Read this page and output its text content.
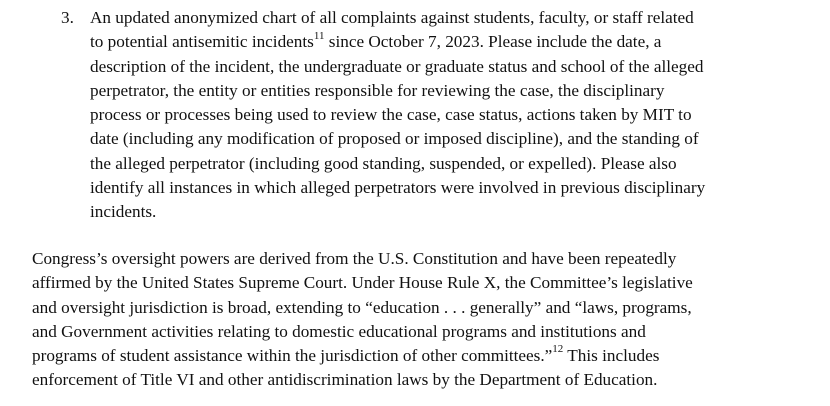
3. An updated anonymized chart of all complaints against students, faculty, or staff related
to potential antisemitic incidents$^{11}$ since October 7, 2023. Please include the date, a
description of the incident, the undergraduate or graduate status and school of the alleged
perpetrator, the entity or entities responsible for reviewing the case, the disciplinary
process or processes being used to review the case, case status, actions taken by MIT to
date (including any modification of proposed or imposed discipline), and the standing of
the alleged perpetrator (including good standing, suspended, or expelled). Please also
identify all instances in which alleged perpetrators were involved in previous disciplinary
incidents.
Congress’s oversight powers are derived from the U.S. Constitution and have been repeatedly
affirmed by the United States Supreme Court. Under House Rule X, the Committee’s legislative
and oversight jurisdiction is broad, extending to “education . . . generally” and “laws, programs,
and Government activities relating to domestic educational programs and institutions and
programs of student assistance within the jurisdiction of other committees.”$^{12}$ This includes
enforcement of Title VI and other antidiscrimination laws by the Department of Education.
